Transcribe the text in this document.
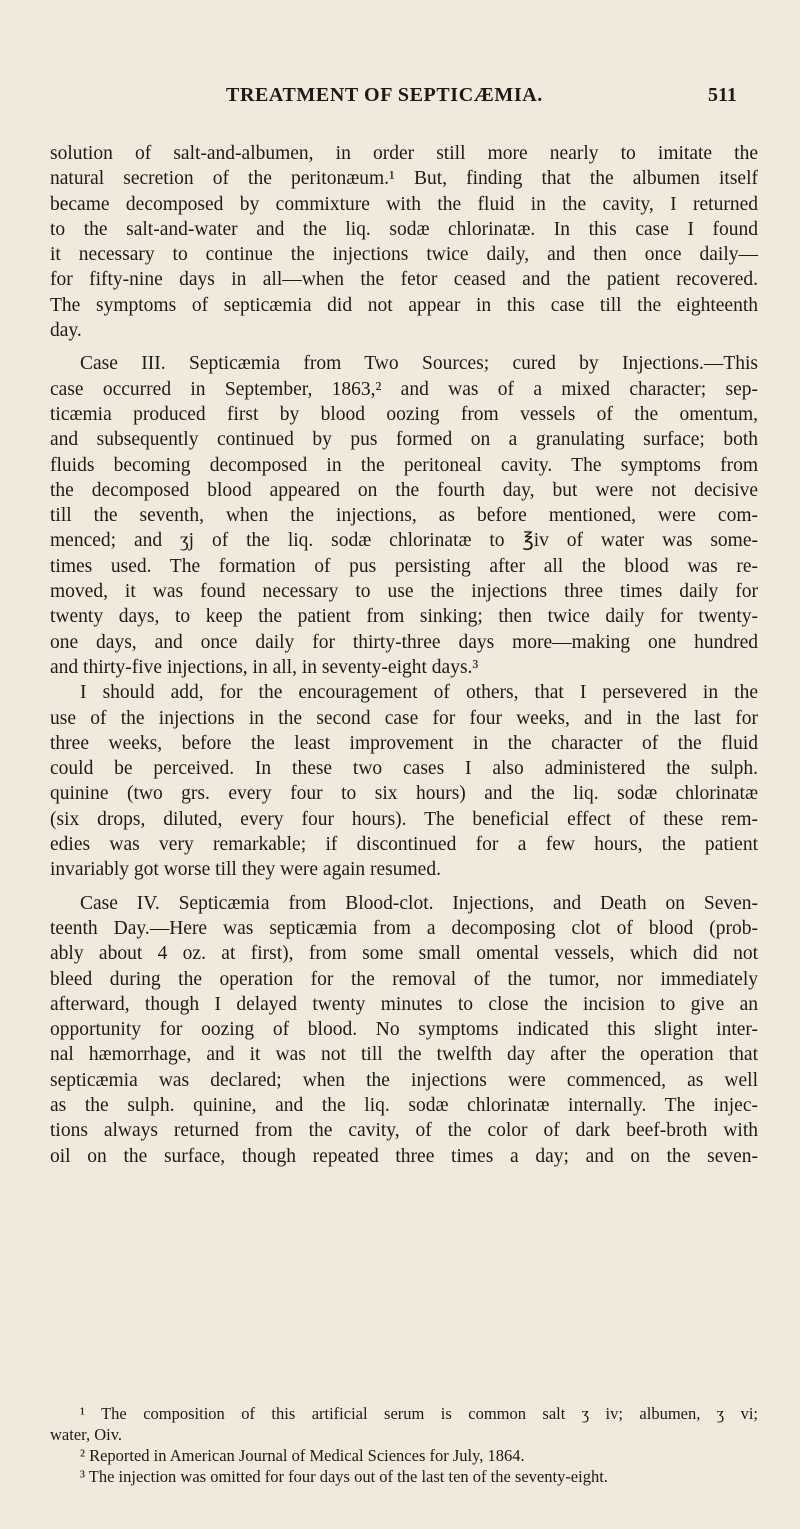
TREATMENT OF SEPTICÆMIA.	511
solution of salt-and-albumen, in order still more nearly to imitate the
natural secretion of the peritonæum.¹ But, finding that the albumen itself
became decomposed by commixture with the fluid in the cavity, I returned
to the salt-and-water and the liq. sodæ chlorinatæ. In this case I found
it necessary to continue the injections twice daily, and then once daily—
for fifty-nine days in all—when the fetor ceased and the patient recovered.
The symptoms of septicæmia did not appear in this case till the eighteenth
day.
Case III. Septicæmia from Two Sources; cured by Injections.—This
case occurred in September, 1863,² and was of a mixed character; sep-
ticæmia produced first by blood oozing from vessels of the omentum,
and subsequently continued by pus formed on a granulating surface; both
fluids becoming decomposed in the peritoneal cavity. The symptoms from
the decomposed blood appeared on the fourth day, but were not decisive
till the seventh, when the injections, as before mentioned, were com-
menced; and ʒj of the liq. sodæ chlorinatæ to ℥iv of water was some-
times used. The formation of pus persisting after all the blood was re-
moved, it was found necessary to use the injections three times daily for
twenty days, to keep the patient from sinking; then twice daily for twenty-
one days, and once daily for thirty-three days more—making one hundred
and thirty-five injections, in all, in seventy-eight days.³
I should add, for the encouragement of others, that I persevered in the
use of the injections in the second case for four weeks, and in the last for
three weeks, before the least improvement in the character of the fluid
could be perceived. In these two cases I also administered the sulph.
quinine (two grs. every four to six hours) and the liq. sodæ chlorinatæ
(six drops, diluted, every four hours). The beneficial effect of these rem-
edies was very remarkable; if discontinued for a few hours, the patient
invariably got worse till they were again resumed.
Case IV. Septicæmia from Blood-clot. Injections, and Death on Seven-
teenth Day.—Here was septicæmia from a decomposing clot of blood (prob-
ably about 4 oz. at first), from some small omental vessels, which did not
bleed during the operation for the removal of the tumor, nor immediately
afterward, though I delayed twenty minutes to close the incision to give an
opportunity for oozing of blood. No symptoms indicated this slight inter-
nal hæmorrhage, and it was not till the twelfth day after the operation that
septicæmia was declared; when the injections were commenced, as well
as the sulph. quinine, and the liq. sodæ chlorinatæ internally. The injec-
tions always returned from the cavity, of the color of dark beef-broth with
oil on the surface, though repeated three times a day; and on the seven-
¹ The composition of this artificial serum is common salt ʒ iv; albumen, ʒ vi;
water, Oiv.
² Reported in American Journal of Medical Sciences for July, 1864.
³ The injection was omitted for four days out of the last ten of the seventy-eight.
